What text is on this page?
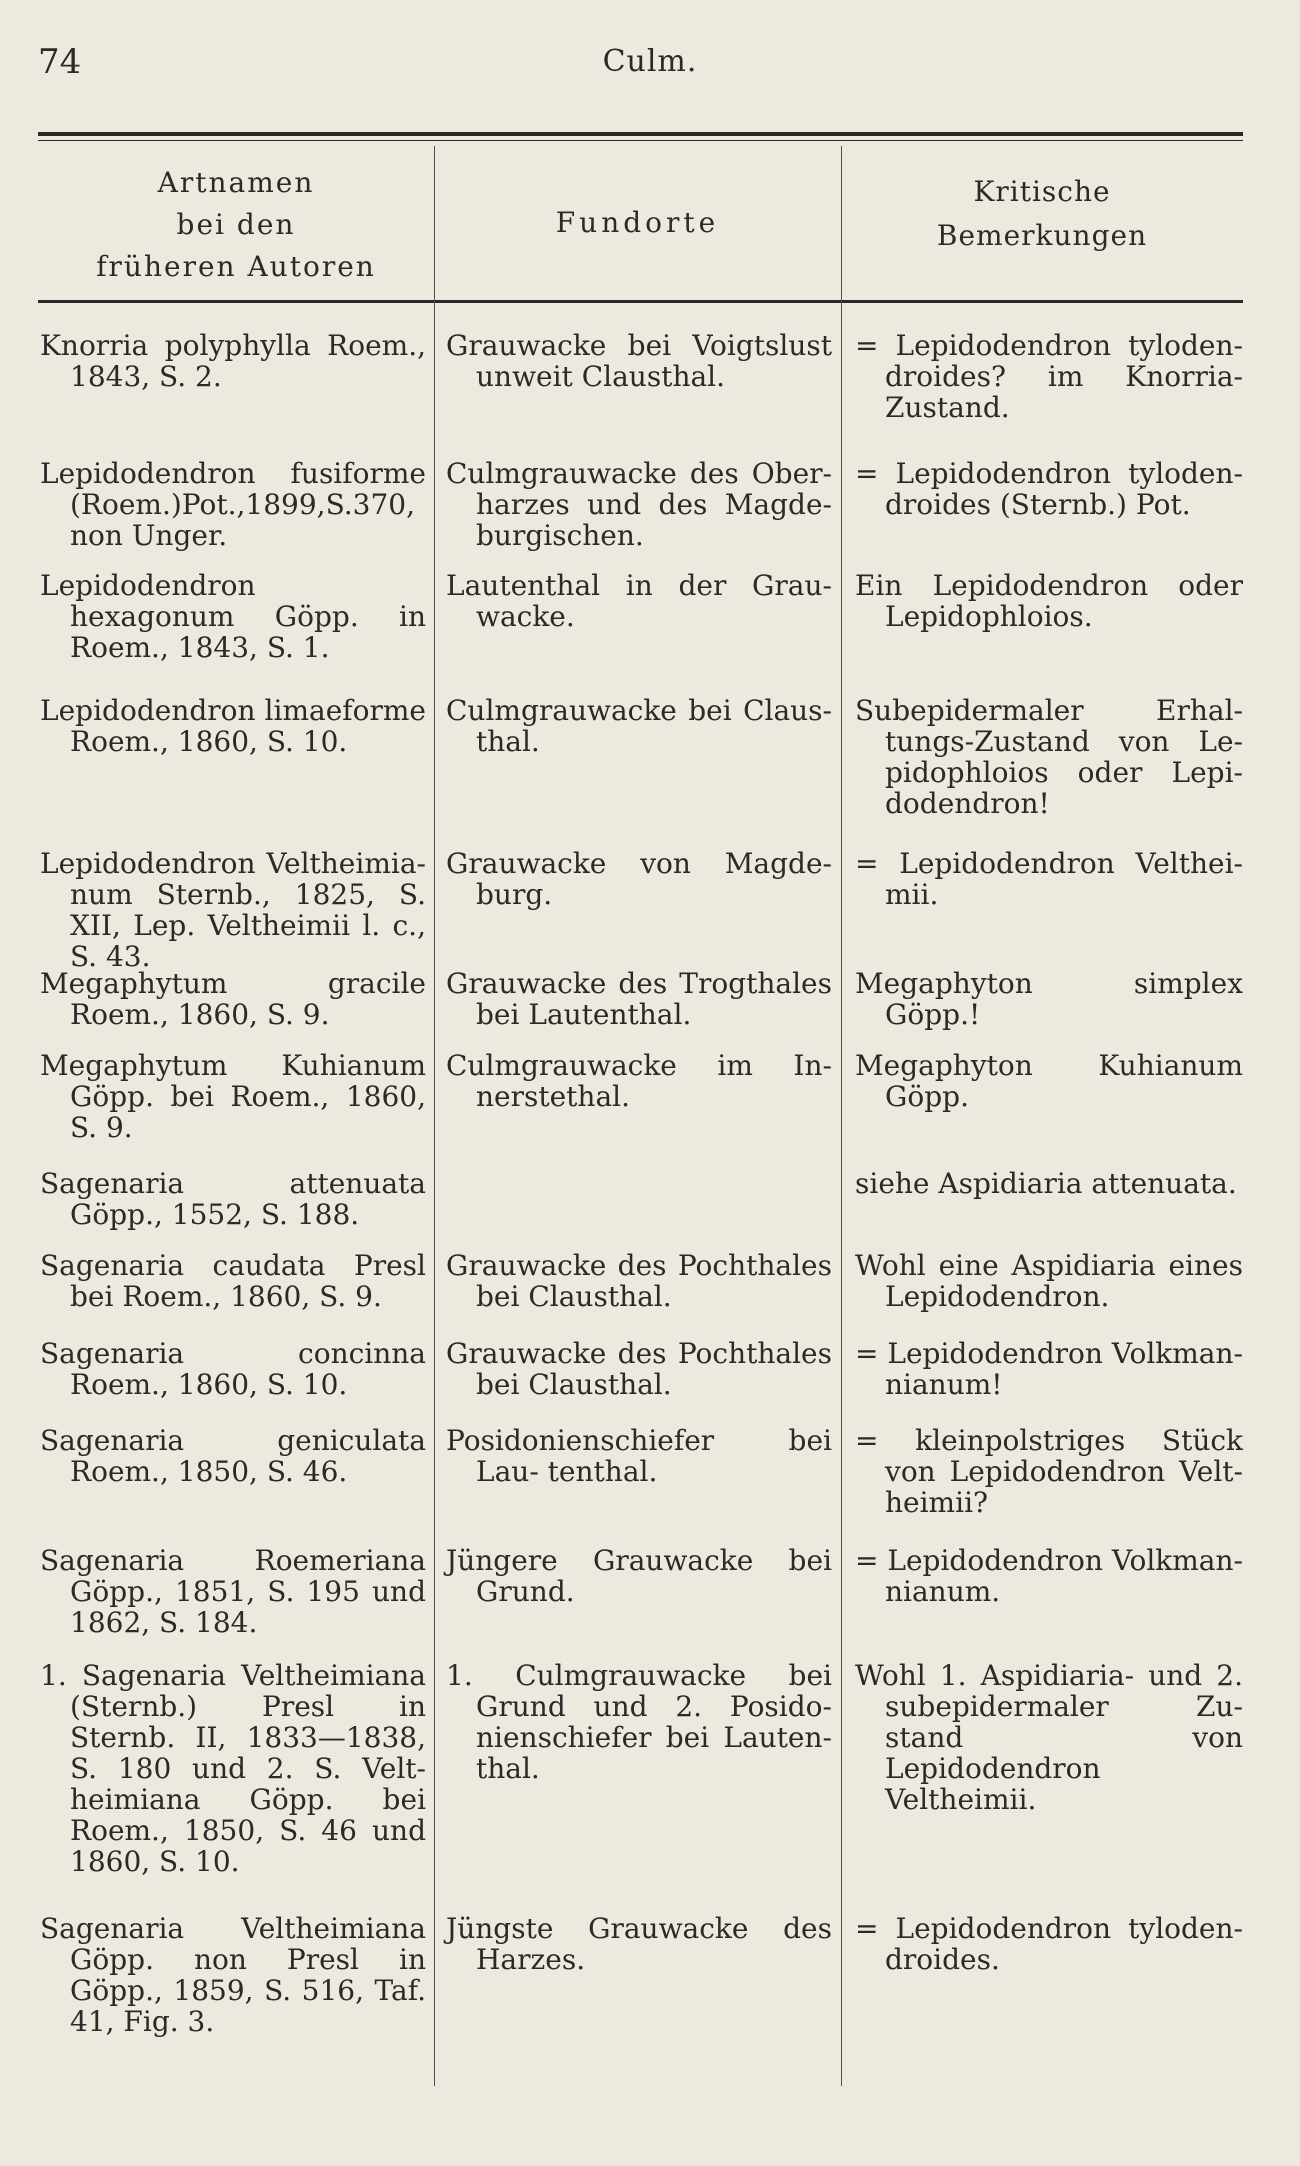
74	Culm.
Artnamen
bei den
früheren Autoren
Fundorte
Kritische
Bemerkungen
Knorria polyphylla Roem., 1843, S. 2.
Grauwacke bei Voigtslust unweit Clausthal.
= Lepidodendron tyloden- droides? im Knorria- Zustand.
Lepidodendron fusiforme (Roem.)Pot.,1899,S.370, non Unger.
Culmgrauwacke des Ober- harzes und des Magde- burgischen.
= Lepidodendron tyloden- droides (Sternb.) Pot.
Lepidodendron hexagonum Göpp. in Roem., 1843, S. 1.
Lautenthal in der Grau- wacke.
Ein Lepidodendron oder Lepidophloios.
Lepidodendron limaeforme Roem., 1860, S. 10.
Culmgrauwacke bei Claus- thal.
Subepidermaler Erhal- tungs-Zustand von Le- pidophloios oder Lepi- dodendron!
Lepidodendron Veltheimia- num Sternb., 1825, S. XII, Lep. Veltheimii l. c., S. 43.
Grauwacke von Magde- burg.
= Lepidodendron Velthei- mii.
Megaphytum gracile Roem., 1860, S. 9.
Grauwacke des Trogthales bei Lautenthal.
Megaphyton simplex Göpp.!
Megaphytum Kuhianum Göpp. bei Roem., 1860, S. 9.
Culmgrauwacke im In- nerstethal.
Megaphyton Kuhianum Göpp.
Sagenaria attenuata Göpp., 1552, S. 188.
siehe Aspidiaria attenuata.
Sagenaria caudata Presl bei Roem., 1860, S. 9.
Grauwacke des Pochthales bei Clausthal.
Wohl eine Aspidiaria eines Lepidodendron.
Sagenaria concinna Roem., 1860, S. 10.
Grauwacke des Pochthales bei Clausthal.
= Lepidodendron Volkman- nianum!
Sagenaria geniculata Roem., 1850, S. 46.
Posidonienschiefer bei Lau- tenthal.
= kleinpolstriges Stück von Lepidodendron Velt- heimii?
Sagenaria Roemeriana Göpp., 1851, S. 195 und 1862, S. 184.
Jüngere Grauwacke bei Grund.
= Lepidodendron Volkman- nianum.
1. Sagenaria Veltheimiana (Sternb.) Presl in Sternb. II, 1833—1838, S. 180 und 2. S. Velt- heimiana Göpp. bei Roem., 1850, S. 46 und 1860, S. 10.
1. Culmgrauwacke bei Grund und 2. Posido- nienschiefer bei Lauten- thal.
Wohl 1. Aspidiaria- und 2. subepidermaler Zu- stand von Lepidodendron Veltheimii.
Sagenaria Veltheimiana Göpp. non Presl in Göpp., 1859, S. 516, Taf. 41, Fig. 3.
Jüngste Grauwacke des Harzes.
= Lepidodendron tyloden- droides.
